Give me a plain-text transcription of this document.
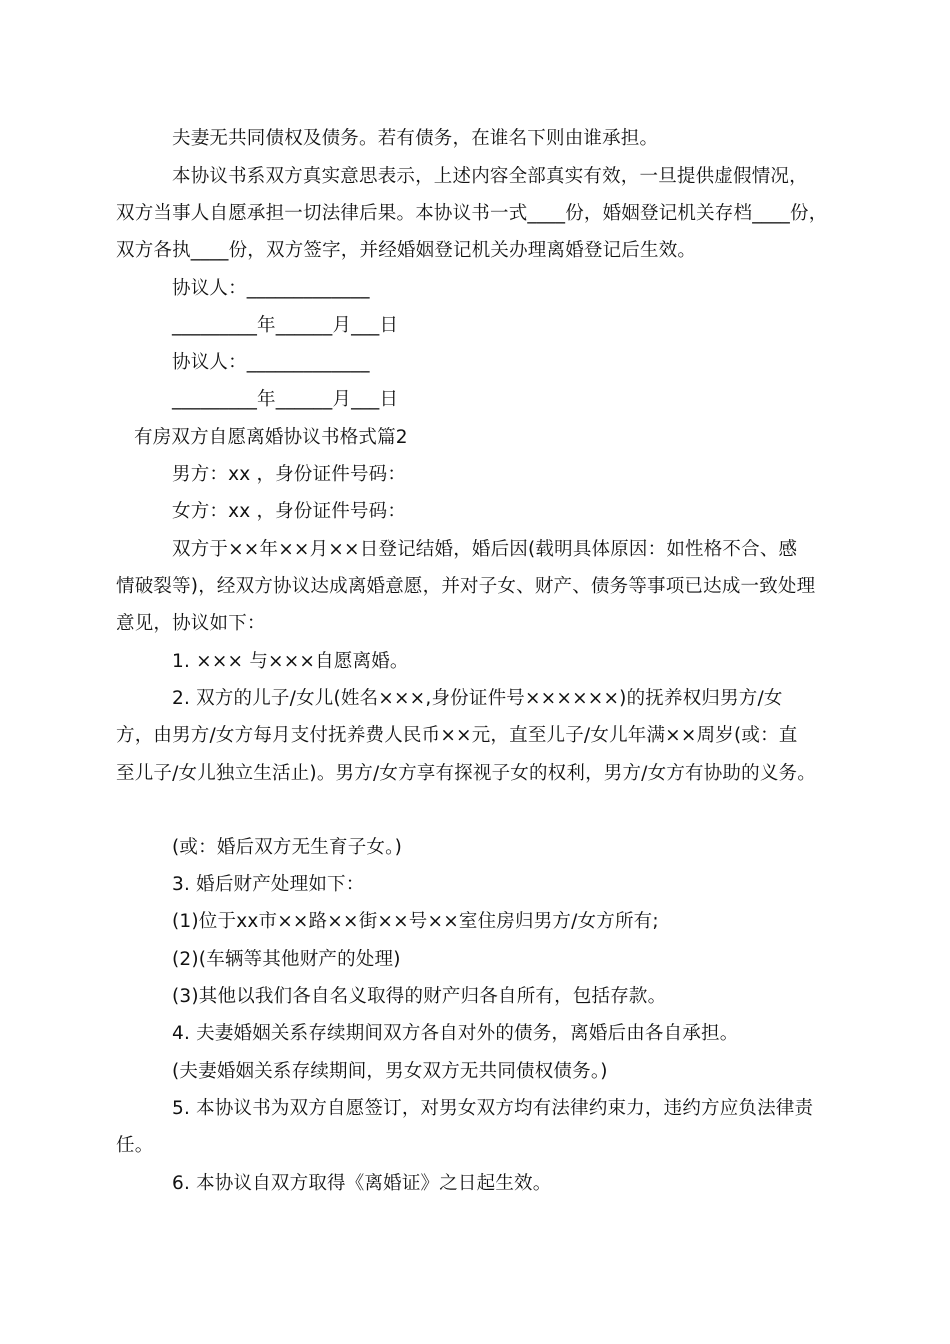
夫妻无共同债权及债务。若有债务，在谁名下则由谁承担。
本协议书系双方真实意思表示，上述内容全部真实有效，一旦提供虚假情况，
双方当事人自愿承担一切法律后果。本协议书一式____份，婚姻登记机关存档____份，
双方各执____份，双方签字，并经婚姻登记机关办理离婚登记后生效。
协议人：_____________
_________年______月___日
协议人：_____________
_________年______月___日
有房双方自愿离婚协议书格式篇2
男方：xx ，身份证件号码：
女方：xx ，身份证件号码：
双方于××年××月××日登记结婚，婚后因(载明具体原因：如性格不合、感
情破裂等)，经双方协议达成离婚意愿，并对子女、财产、债务等事项已达成一致处理
意见，协议如下：
1. ××× 与×××自愿离婚。
2. 双方的儿子/女儿(姓名×××,身份证件号××××××)的抚养权归男方/女
方，由男方/女方每月支付抚养费人民币××元，直至儿子/女儿年满××周岁(或：直
至儿子/女儿独立生活止)。男方/女方享有探视子女的权利，男方/女方有协助的义务。
(或：婚后双方无生育子女。)
3. 婚后财产处理如下：
(1)位于xx市××路××街××号××室住房归男方/女方所有;
(2)(车辆等其他财产的处理)
(3)其他以我们各自名义取得的财产归各自所有，包括存款。
4. 夫妻婚姻关系存续期间双方各自对外的债务，离婚后由各自承担。
(夫妻婚姻关系存续期间，男女双方无共同债权债务。)
5. 本协议书为双方自愿签订，对男女双方均有法律约束力，违约方应负法律责
任。
6. 本协议自双方取得《离婚证》之日起生效。
